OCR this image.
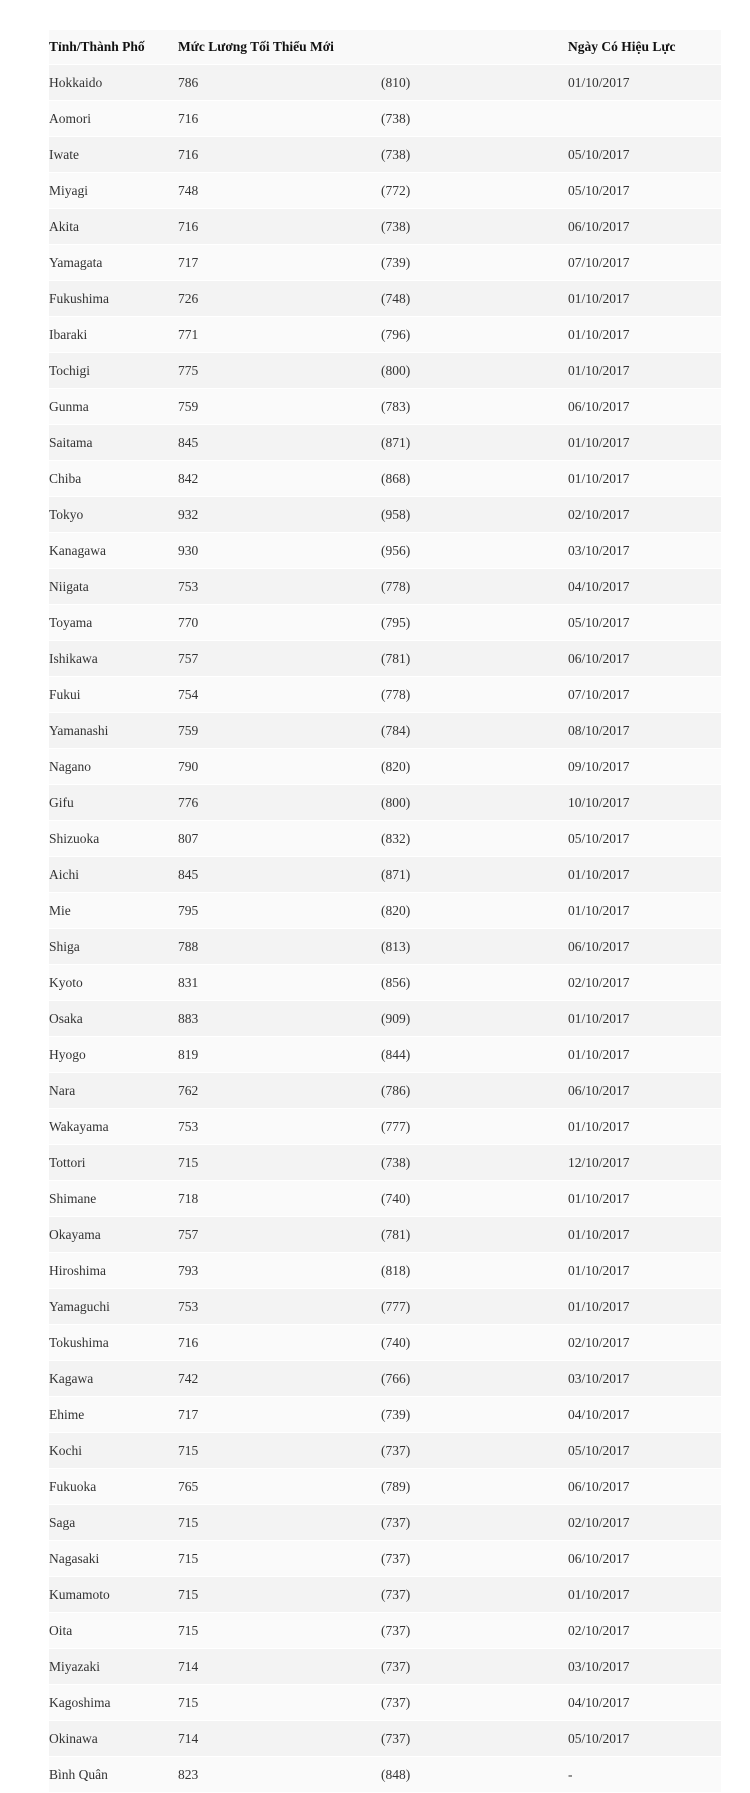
Tỉnh/Thành Phố	Mức Lương Tối Thiểu Mới		Ngày Có Hiệu Lực
Hokkaido	786	(810)	01/10/2017
Aomori	716	(738)	
Iwate	716	(738)	05/10/2017
Miyagi	748	(772)	05/10/2017
Akita	716	(738)	06/10/2017
Yamagata	717	(739)	07/10/2017
Fukushima	726	(748)	01/10/2017
Ibaraki	771	(796)	01/10/2017
Tochigi	775	(800)	01/10/2017
Gunma	759	(783)	06/10/2017
Saitama	845	(871)	01/10/2017
Chiba	842	(868)	01/10/2017
Tokyo	932	(958)	02/10/2017
Kanagawa	930	(956)	03/10/2017
Niigata	753	(778)	04/10/2017
Toyama	770	(795)	05/10/2017
Ishikawa	757	(781)	06/10/2017
Fukui	754	(778)	07/10/2017
Yamanashi	759	(784)	08/10/2017
Nagano	790	(820)	09/10/2017
Gifu	776	(800)	10/10/2017
Shizuoka	807	(832)	05/10/2017
Aichi	845	(871)	01/10/2017
Mie	795	(820)	01/10/2017
Shiga	788	(813)	06/10/2017
Kyoto	831	(856)	02/10/2017
Osaka	883	(909)	01/10/2017
Hyogo	819	(844)	01/10/2017
Nara	762	(786)	06/10/2017
Wakayama	753	(777)	01/10/2017
Tottori	715	(738)	12/10/2017
Shimane	718	(740)	01/10/2017
Okayama	757	(781)	01/10/2017
Hiroshima	793	(818)	01/10/2017
Yamaguchi	753	(777)	01/10/2017
Tokushima	716	(740)	02/10/2017
Kagawa	742	(766)	03/10/2017
Ehime	717	(739)	04/10/2017
Kochi	715	(737)	05/10/2017
Fukuoka	765	(789)	06/10/2017
Saga	715	(737)	02/10/2017
Nagasaki	715	(737)	06/10/2017
Kumamoto	715	(737)	01/10/2017
Oita	715	(737)	02/10/2017
Miyazaki	714	(737)	03/10/2017
Kagoshima	715	(737)	04/10/2017
Okinawa	714	(737)	05/10/2017
Bình Quân	823	(848)	-
